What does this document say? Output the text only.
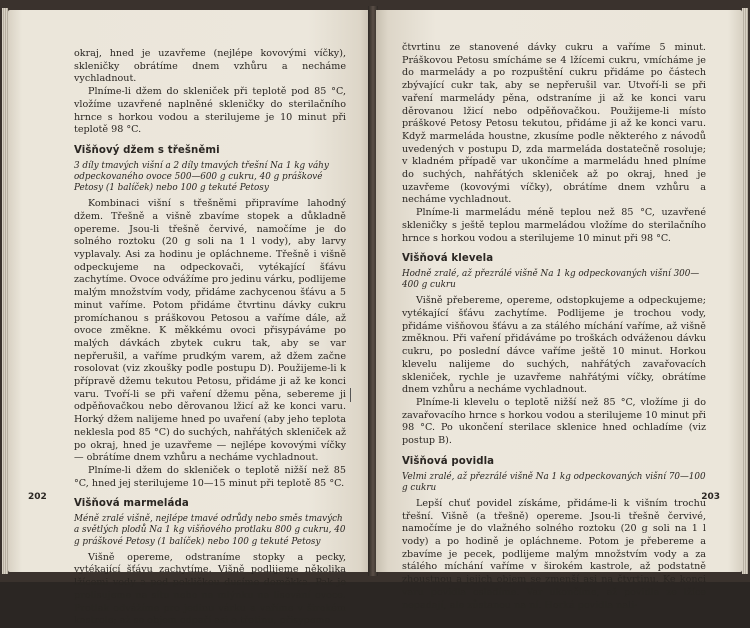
okraj, hned je uzavřeme (nejlépe kovovými víčky), skleničky obrátíme dnem vzhůru a necháme vychladnout.

Plníme-li džem do skleniček při teplotě pod 85 °C, vložíme uzavřené naplněné skleničky do sterilačního hrnce s horkou vodou a sterilujeme je 10 minut při teplotě 98 °C.

Višňový džem s třešněmi

3 díly tmavých višní a 2 díly tmavých třešní Na 1 kg váhy odpeckovaného ovoce 500—600 g cukru, 40 g práškové Petosy (1 balíček) nebo 100 g tekuté Petosy

Kombinaci višní s třešněmi připravíme lahodný džem. Třešně a višně zbavíme stopek a důkladně opereme. Jsou-li třešně červivé, namočíme je do solného roztoku (20 g soli na 1 l vody), aby larvy vyplavaly. Asi za hodinu je opláchneme. Třešně i višně odpeckujeme na odpeckovači, vytékající šťávu zachytíme. Ovoce odvážíme pro jedinu várku, podlijeme malým množstvím vody, přidáme zachycenou šťávu a 5 minut vaříme. Potom přidáme čtvrtinu dávky cukru promíchanou s práškovou Petosou a vaříme dále, až ovoce změkne. K měkkému ovoci přisypáváme po malých dávkách zbytek cukru tak, aby se var nepřerušil, a vaříme prudkým varem, až džem začne rosolovat (viz zkoušky podle postupu D). Použijeme-li k přípravě džemu tekutou Petosu, přidáme ji až ke konci varu. Tvoří-li se při vaření džemu pěna, sebereme ji odpěňovačkou nebo děrovanou lžicí až ke konci varu. Horký džem nalijeme hned po uvaření (aby jeho teplota neklesla pod 85 °C) do suchých, nahřátých skleniček až po okraj, hned je uzavřeme — nejlépe kovovými víčky — obrátíme dnem vzhůru a necháme vychladnout.

Plníme-li džem do skleniček o teplotě nižší než 85 °C, hned jej sterilujeme 10—15 minut při teplotě 85 °C.

Višňová marmeláda

Méně zralé višně, nejlépe tmavé odrůdy nebo směs tmavých a světlých plodů Na 1 kg višňového protlaku 800 g cukru, 40 g práškové Petosy (1 balíček) nebo 100 g tekuté Petosy

Višně opereme, odstraníme stopky a pecky, vytékající šťávu zachytíme. Višně podlijeme několika lžícemi vody a pod pokličkou dusíme doměkka. Pak je prolisujeme na sítu nebo na mlýnku na lisování ovoce. Protlak odvážíme pro jedinu várku a vaříme v širokém kastrole; až se objem odpaří asi o třetinu, přisypeme

202

čtvrtinu ze stanovené dávky cukru a vaříme 5 minut. Práškovou Petosu smícháme se 4 lžícemi cukru, vmícháme je do marmelády a po rozpuštění cukru přidáme po částech zbývající cukr tak, aby se nepřerušil var. Utvoří-li se při vaření marmelády pěna, odstraníme ji až ke konci varu děrovanou lžicí nebo odpěňovačkou. Použijeme-li místo práškové Petosy Petosu tekutou, přidáme ji až ke konci varu. Když marmeláda houstne, zkusíme podle některého z návodů uvedených v postupu D, zda marmeláda dostatečně rosoluje; v kladném případě var ukončíme a marmeládu hned plníme do suchých, nahřátých skleniček až po okraj, hned je uzavřeme (kovovými víčky), obrátíme dnem vzhůru a necháme vychladnout.

Plníme-li marmeládu méně teplou než 85 °C, uzavřené skleničky s ještě teplou marmeládou vložíme do sterilačního hrnce s horkou vodou a sterilujeme 10 minut při 98 °C.

Višňová klevela

Hodně zralé, až přezrálé višně Na 1 kg odpeckovaných višní 300—400 g cukru

Višně přebereme, opereme, odstopkujeme a odpeckujeme; vytékající šťávu zachytíme. Podlijeme je trochou vody, přidáme višňovou šťávu a za stálého míchání vaříme, až višně změknou. Při vaření přidáváme po troškách odváženou dávku cukru, po poslední dávce vaříme ještě 10 minut. Horkou klevelu nalijeme do suchých, nahřátých zavařovacích skleniček, rychle je uzavřeme nahřátými víčky, obrátíme dnem vzhůru a necháme vychladnout.

Plníme-li klevelu o teplotě nižší než 85 °C, vložíme ji do zavařovacího hrnce s horkou vodou a sterilujeme 10 minut při 98 °C. Po ukončení sterilace sklenice hned ochladíme (viz postup B).

Višňová povidla

Velmi zralé, až přezrálé višně Na 1 kg odpeckovaných višní 70—100 g cukru

Lepší chuť povidel získáme, přidáme-li k višním trochu třešní. Višně (a třešně) opereme. Jsou-li třešně červivé, namočíme je do vlažného solného roztoku (20 g soli na 1 l vody) a po hodině je opláchneme. Potom je přebereme a zbavíme je pecek, podlijeme malým množstvím vody a za stálého míchání vaříme v širokém kastrole, až podstatně zhoustnou a jejich objem se zmenší asi na čtvrtinu. Ke konci varu povidla osladíme. Var ukončíme, až povidla ze lžíce nepadají, ale zůstanou na ní. Horká povidla nali-

203
